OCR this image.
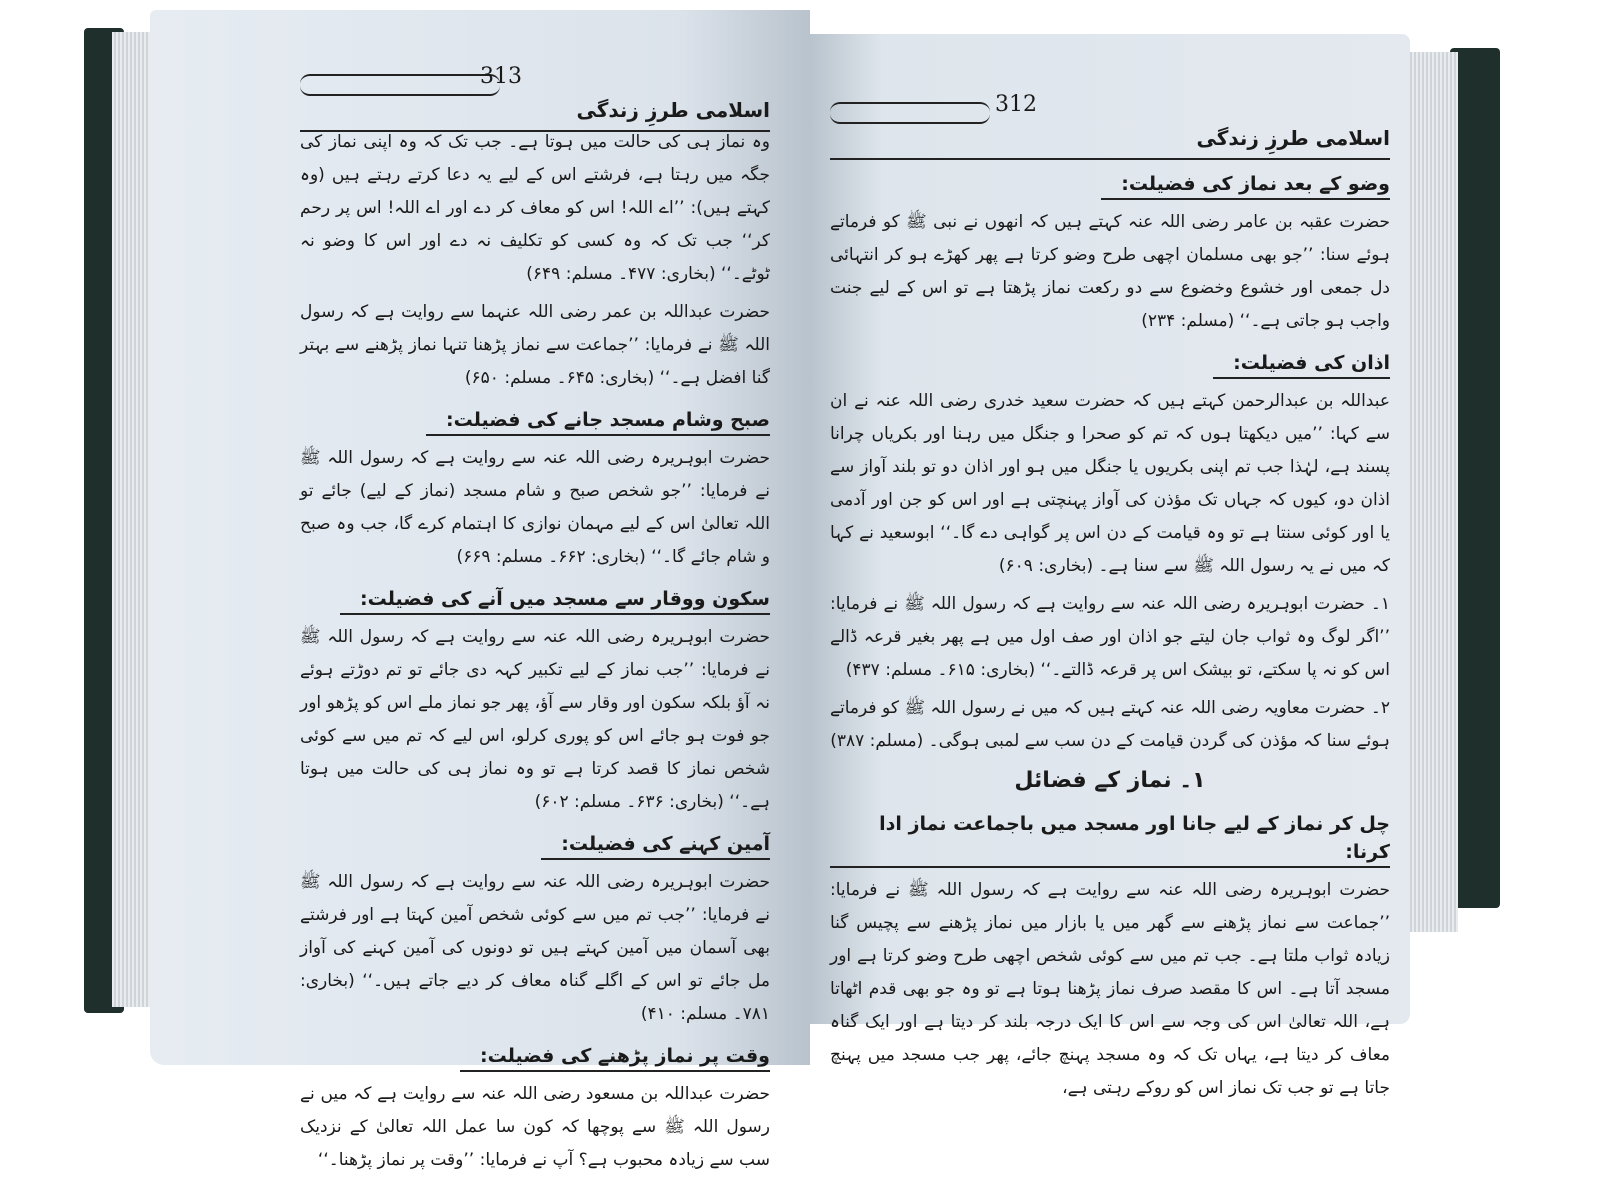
313
اسلامی طرزِ زندگی

وہ نماز ہی کی حالت میں ہوتا ہے۔ جب تک کہ وہ اپنی نماز کی جگہ میں رہتا ہے، فرشتے اس کے لیے یہ دعا کرتے رہتے ہیں (وہ کہتے ہیں): ’’اے اللہ! اس کو معاف کر دے اور اے اللہ! اس پر رحم کر‘‘ جب تک کہ وہ کسی کو تکلیف نہ دے اور اس کا وضو نہ ٹوٹے۔‘‘ (بخاری: ۴۷۷۔ مسلم: ۶۴۹)

حضرت عبداللہ بن عمر رضی اللہ عنہما سے روایت ہے کہ رسول اللہ ﷺ نے فرمایا: ’’جماعت سے نماز پڑھنا تنہا نماز پڑھنے سے بہتر گنا افضل ہے۔‘‘ (بخاری: ۶۴۵۔ مسلم: ۶۵۰)

صبح وشام مسجد جانے کی فضیلت:

حضرت ابوہریرہ رضی اللہ عنہ سے روایت ہے کہ رسول اللہ ﷺ نے فرمایا: ’’جو شخص صبح و شام مسجد (نماز کے لیے) جائے تو اللہ تعالیٰ اس کے لیے مہمان نوازی کا اہتمام کرے گا، جب وہ صبح و شام جائے گا۔‘‘ (بخاری: ۶۶۲۔ مسلم: ۶۶۹)

سکون ووقار سے مسجد میں آنے کی فضیلت:

حضرت ابوہریرہ رضی اللہ عنہ سے روایت ہے کہ رسول اللہ ﷺ نے فرمایا: ’’جب نماز کے لیے تکبیر کہہ دی جائے تو تم دوڑتے ہوئے نہ آؤ بلکہ سکون اور وقار سے آؤ، پھر جو نماز ملے اس کو پڑھو اور جو فوت ہو جائے اس کو پوری کرلو، اس لیے کہ تم میں سے کوئی شخص نماز کا قصد کرتا ہے تو وہ نماز ہی کی حالت میں ہوتا ہے۔‘‘ (بخاری: ۶۳۶۔ مسلم: ۶۰۲)

آمین کہنے کی فضیلت:

حضرت ابوہریرہ رضی اللہ عنہ سے روایت ہے کہ رسول اللہ ﷺ نے فرمایا: ’’جب تم میں سے کوئی شخص آمین کہتا ہے اور فرشتے بھی آسمان میں آمین کہتے ہیں تو دونوں کی آمین کہنے کی آواز مل جائے تو اس کے اگلے گناہ معاف کر دیے جاتے ہیں۔‘‘ (بخاری: ۷۸۱۔ مسلم: ۴۱۰)

وقت پر نماز پڑھنے کی فضیلت:

حضرت عبداللہ بن مسعود رضی اللہ عنہ سے روایت ہے کہ میں نے رسول اللہ ﷺ سے پوچھا کہ کون سا عمل اللہ تعالیٰ کے نزدیک سب سے زیادہ محبوب ہے؟ آپ نے فرمایا: ’’وقت پر نماز پڑھنا۔‘‘

312
اسلامی طرزِ زندگی
وضو کے بعد نماز کی فضیلت:

حضرت عقبہ بن عامر رضی اللہ عنہ کہتے ہیں کہ انھوں نے نبی ﷺ کو فرماتے ہوئے سنا: ’’جو بھی مسلمان اچھی طرح وضو کرتا ہے پھر کھڑے ہو کر انتہائی دل جمعی اور خشوع وخضوع سے دو رکعت نماز پڑھتا ہے تو اس کے لیے جنت واجب ہو جاتی ہے۔‘‘ (مسلم: ۲۳۴)

اذان کی فضیلت:

عبداللہ بن عبدالرحمن کہتے ہیں کہ حضرت سعید خدری رضی اللہ عنہ نے ان سے کہا: ’’میں دیکھتا ہوں کہ تم کو صحرا و جنگل میں رہنا اور بکریاں چرانا پسند ہے، لہٰذا جب تم اپنی بکریوں یا جنگل میں ہو اور اذان دو تو بلند آواز سے اذان دو، کیوں کہ جہاں تک مؤذن کی آواز پہنچتی ہے اور اس کو جن اور آدمی یا اور کوئی سنتا ہے تو وہ قیامت کے دن اس پر گواہی دے گا۔‘‘ ابوسعید نے کہا کہ میں نے یہ رسول اللہ ﷺ سے سنا ہے۔ (بخاری: ۶۰۹)

۱۔ حضرت ابوہریرہ رضی اللہ عنہ سے روایت ہے کہ رسول اللہ ﷺ نے فرمایا: ’’اگر لوگ وہ ثواب جان لیتے جو اذان اور صف اول میں ہے پھر بغیر قرعہ ڈالے اس کو نہ پا سکتے، تو بیشک اس پر قرعہ ڈالتے۔‘‘ (بخاری: ۶۱۵۔ مسلم: ۴۳۷)

۲۔ حضرت معاویہ رضی اللہ عنہ کہتے ہیں کہ میں نے رسول اللہ ﷺ کو فرماتے ہوئے سنا کہ مؤذن کی گردن قیامت کے دن سب سے لمبی ہوگی۔ (مسلم: ۳۸۷)

۱۔ نماز کے فضائل
چل کر نماز کے لیے جانا اور مسجد میں باجماعت نماز ادا کرنا:

حضرت ابوہریرہ رضی اللہ عنہ سے روایت ہے کہ رسول اللہ ﷺ نے فرمایا: ’’جماعت سے نماز پڑھنے سے گھر میں یا بازار میں نماز پڑھنے سے پچیس گنا زیادہ ثواب ملتا ہے۔ جب تم میں سے کوئی شخص اچھی طرح وضو کرتا ہے اور مسجد آتا ہے۔ اس کا مقصد صرف نماز پڑھنا ہوتا ہے تو وہ جو بھی قدم اٹھاتا ہے، اللہ تعالیٰ اس کی وجہ سے اس کا ایک درجہ بلند کر دیتا ہے اور ایک گناہ معاف کر دیتا ہے، یہاں تک کہ وہ مسجد پہنچ جائے، پھر جب مسجد میں پہنچ جاتا ہے تو جب تک نماز اس کو روکے رہتی ہے،
